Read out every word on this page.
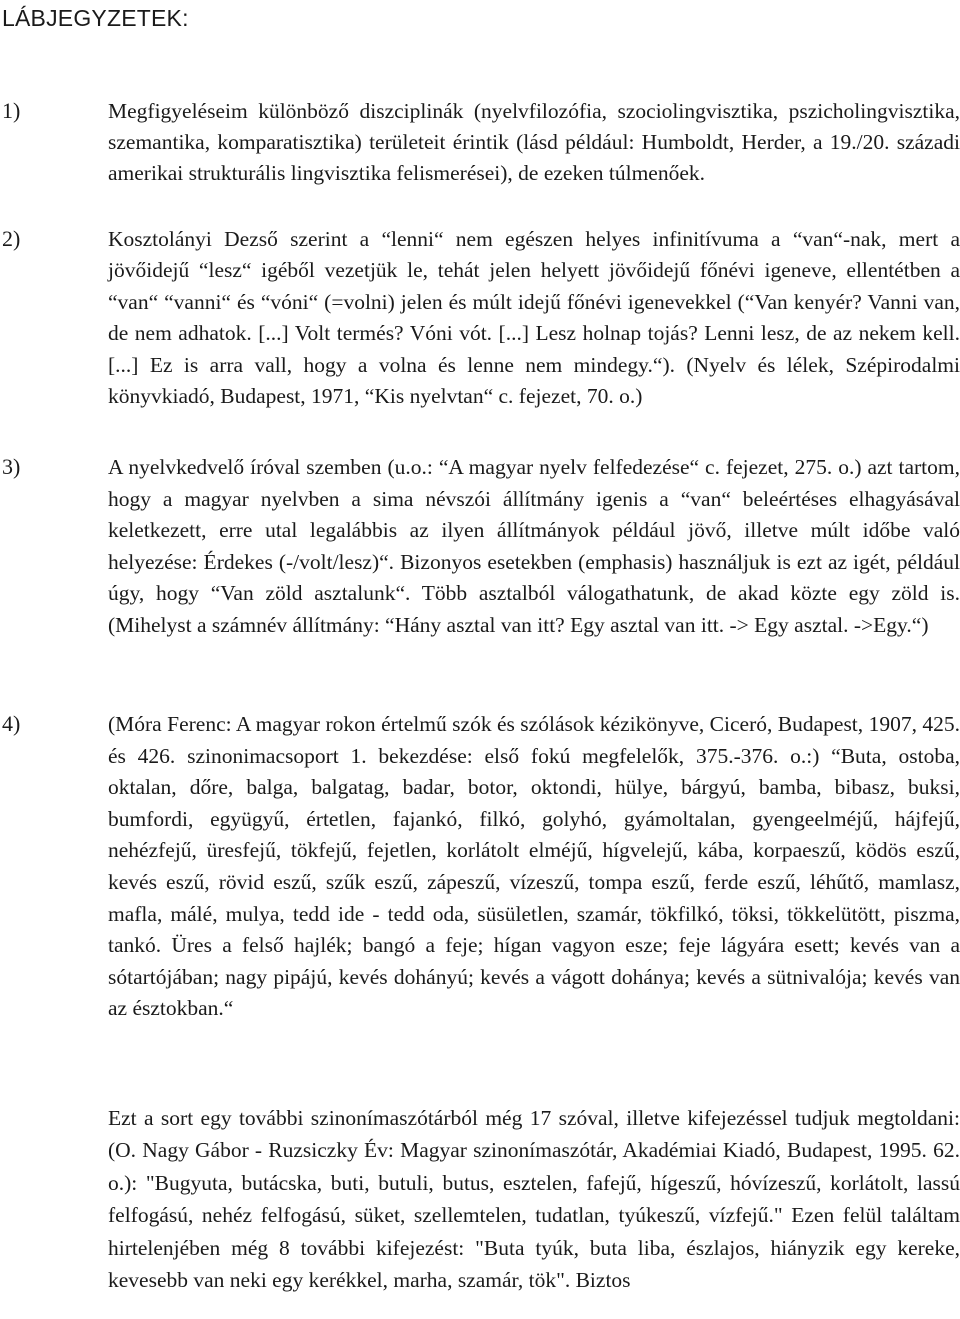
LÁBJEGYZETEK:
1)	Megfigyeléseim különböző diszciplinák (nyelvfilozófia, szociolingvisztika, pszicholingvisztika, szemantika, komparatisztika) területeit érintik (lásd például: Humboldt, Herder, a 19./20. századi amerikai strukturális lingvisztika felismerései), de ezeken túlmenőek.

2)	Kosztolányi Dezső szerint a “lenni“ nem egészen helyes infinitívuma a “van“-nak, mert a jövőidejű “lesz“ igéből vezetjük le, tehát jelen helyett jövőidejű főnévi igeneve, ellentétben a “van“ “vanni“ és “vóni“ (=volni) jelen és múlt idejű főnévi igenevekkel (“Van kenyér? Vanni van, de nem adhatok. [...] Volt termés? Vóni vót. [...] Lesz holnap tojás? Lenni lesz, de az nekem kell. [...] Ez is arra vall, hogy a volna és lenne nem mindegy.“). (Nyelv és lélek, Szépirodalmi könyvkiadó, Budapest, 1971, “Kis nyelvtan“ c. fejezet, 70. o.)

3)	A nyelvkedvelő íróval szemben (u.o.: “A magyar nyelv felfedezése“ c. fejezet, 275. o.) azt tartom, hogy a magyar nyelvben a sima névszói állítmány igenis a “van“ beleértéses elhagyásával keletkezett, erre utal legalábbis az ilyen állítmányok például jövő, illetve múlt időbe való helyezése: Érdekes (-/volt/lesz)“. Bizonyos esetekben (emphasis) használjuk is ezt az igét, például úgy, hogy “Van zöld asztalunk“. Több asztalból válogathatunk, de akad közte egy zöld is. (Mihelyst a számnév állítmány: “Hány asztal van itt? Egy asztal van itt. -> Egy asztal. ->Egy.“)

4)	(Móra Ferenc: A magyar rokon értelmű szók és szólások kézikönyve, Ciceró, Budapest, 1907, 425. és 426. szinonimacsoport 1. bekezdése: első fokú megfelelők, 375.-376. o.:) “Buta, ostoba, oktalan, dőre, balga, balgatag, badar, botor, oktondi, hülye, bárgyú, bamba, bibasz, buksi, bumfordi, együgyű, értetlen, fajankó, filkó, golyhó, gyámoltalan, gyengeelméjű, hájfejű, nehézfejű, üresfejű, tökfejű, fejetlen, korlátolt elméjű, hígvelejű, kába, korpaeszű, ködös eszű, kevés eszű, rövid eszű, szűk eszű, zápeszű, vízeszű, tompa eszű, ferde eszű, léhűtő, mamlasz, mafla, málé, mulya, tedd ide - tedd oda, süsületlen, szamár, tökfilkó, töksi, tökkelütött, piszma, tankó. Üres a felső hajlék; bangó a feje; hígan vagyon esze; feje lágyára esett; kevés van a sótartójában; nagy pipájú, kevés dohányú; kevés a vágott dohánya; kevés a sütnivalója; kevés van az észtokban.“

Ezt a sort egy további szinonímaszótárból még 17 szóval, illetve kifejezéssel tudjuk megtoldani: (O. Nagy Gábor - Ruzsiczky Év: Magyar szinonímaszótár, Akadémiai Kiadó, Budapest, 1995. 62. o.): "Bugyuta, butácska, buti, butuli, butus, esztelen, fafejű, hígeszű, hóvízeszű, korlátolt, lassú felfogású, nehéz felfogású, süket, szellemtelen, tudatlan, tyúkeszű, vízfejű." Ezen felül találtam hirtelenjében még 8 további kifejezést: "Buta tyúk, buta liba, észlajos, hiányzik egy kereke, kevesebb van neki egy kerékkel, marha, szamár, tök". Biztos
